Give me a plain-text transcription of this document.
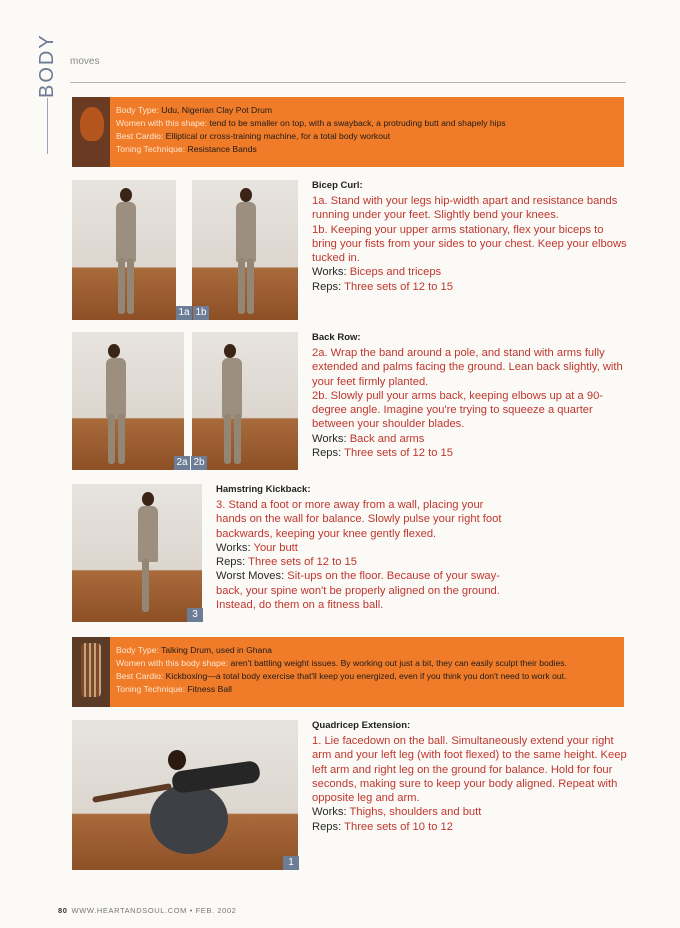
BODY moves
Body Type: Udu, Nigerian Clay Pot Drum
Women with this shape: tend to be smaller on top, with a swayback, a protruding butt and shapely hips
Best Cardio: Elliptical or cross-training machine, for a total body workout
Toning Technique: Resistance Bands
1a 1b
Bicep Curl:

1a. Stand with your legs hip-width apart and resistance bands running under your feet. Slightly bend your knees.

1b. Keeping your upper arms stationary, flex your biceps to bring your fists from your sides to your chest. Keep your elbows tucked in.

Works: Biceps and triceps

Reps: Three sets of 12 to 15

2a 2b
Back Row:

2a. Wrap the band around a pole, and stand with arms fully extended and palms facing the ground. Lean back slightly, with your feet firmly planted.

2b. Slowly pull your arms back, keeping elbows up at a 90-degree angle. Imagine you're trying to squeeze a quarter between your shoulder blades.

Works: Back and arms

Reps: Three sets of 12 to 15

3
Hamstring Kickback:

3. Stand a foot or more away from a wall, placing your hands on the wall for balance. Slowly pulse your right foot backwards, keeping your knee gently flexed.

Works: Your butt

Reps: Three sets of 12 to 15

Worst Moves: Sit-ups on the floor. Because of your sway-back, your spine won't be properly aligned on the ground. Instead, do them on a fitness ball.

Body Type: Talking Drum, used in Ghana
Women with this body shape: aren't battling weight issues. By working out just a bit, they can easily sculpt their bodies.
Best Cardio: Kickboxing—a total body exercise that'll keep you energized, even if you think you don't need to work out.
Toning Technique: Fitness Ball
1
Quadricep Extension:

1. Lie facedown on the ball. Simultaneously extend your right arm and your left leg (with foot flexed) to the same height. Keep left arm and right leg on the ground for balance. Hold for four seconds, making sure to keep your body aligned. Repeat with opposite leg and arm.

Works: Thighs, shoulders and butt

Reps: Three sets of 10 to 12

80 WWW.HEARTANDSOUL.COM • FEB. 2002
